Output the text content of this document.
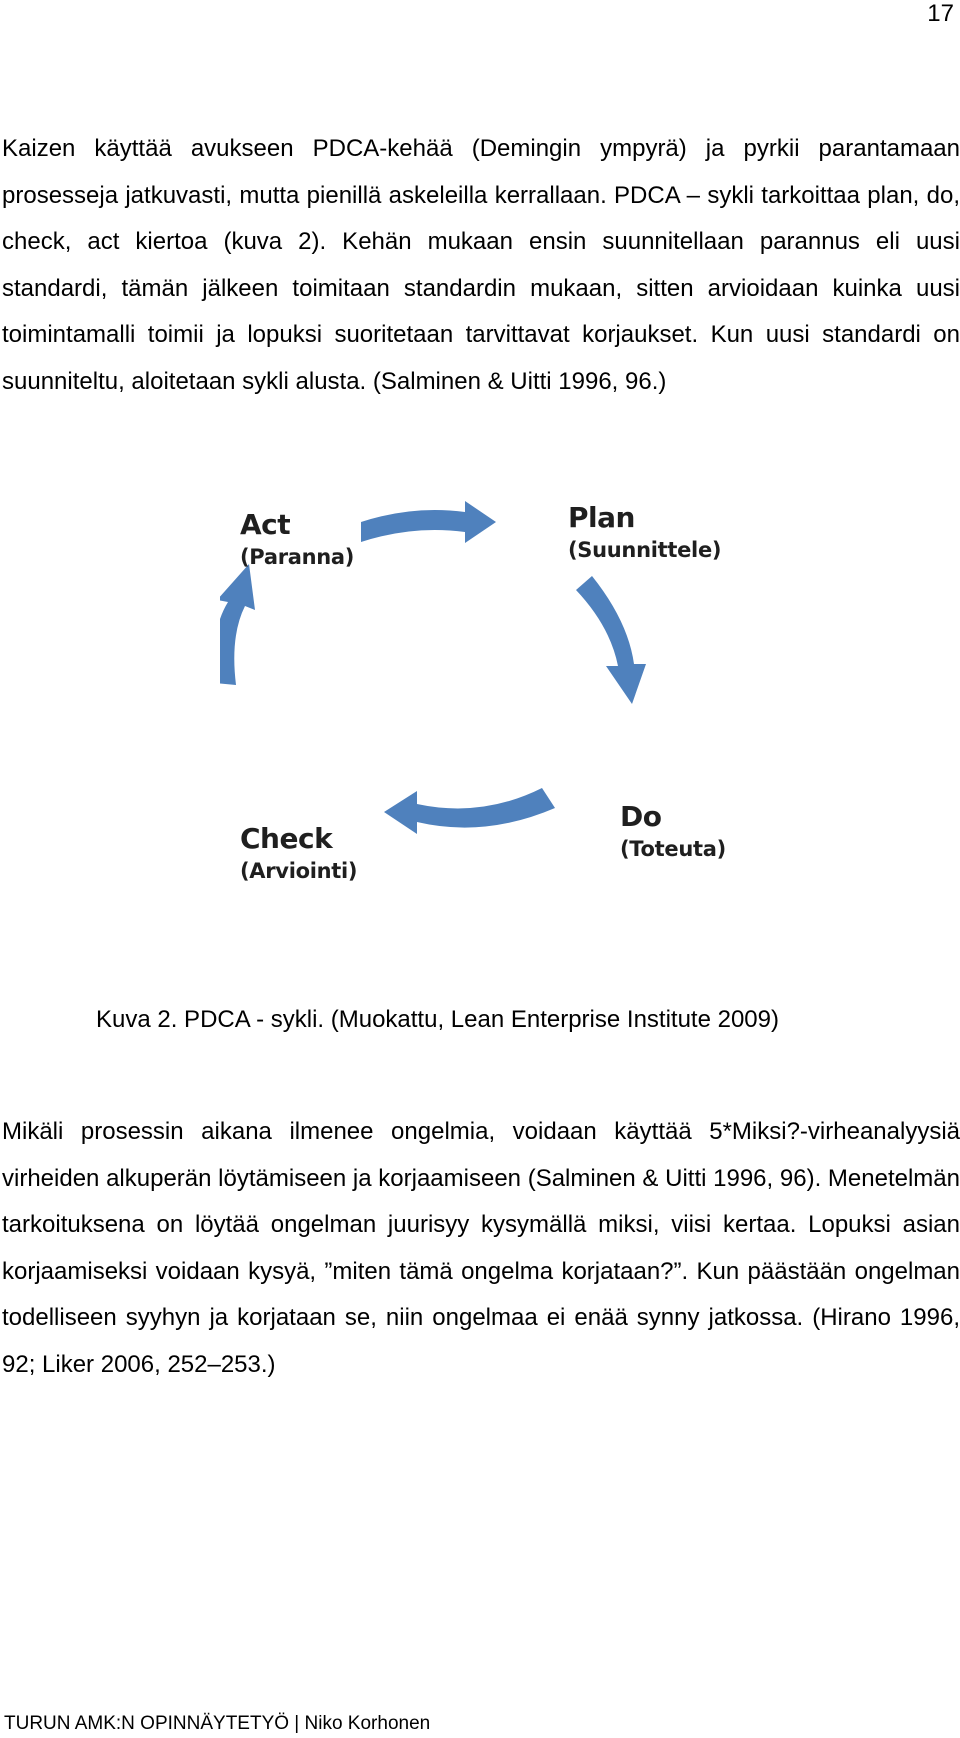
17

Kaizen käyttää avukseen PDCA-kehää (Demingin ympyrä) ja pyrkii parantamaan prosesseja jatkuvasti, mutta pienillä askeleilla kerrallaan. PDCA – sykli tarkoittaa plan, do, check, act kiertoa (kuva 2). Kehän mukaan ensin suunnitellaan parannus eli uusi standardi, tämän jälkeen toimitaan standardin mukaan, sitten arvioidaan kuinka uusi toimintamalli toimii ja lopuksi suoritetaan tarvittavat korjaukset. Kun uusi standardi on suunniteltu, aloitetaan sykli alusta. (Salminen & Uitti 1996, 96.)

Act
(Paranna)
Plan
(Suunnittele)
Do
(Toteuta)
Check
(Arviointi)
Kuva 2. PDCA - sykli. (Muokattu, Lean Enterprise Institute 2009)

Mikäli prosessin aikana ilmenee ongelmia, voidaan käyttää 5*Miksi?-virheanalyysiä virheiden alkuperän löytämiseen ja korjaamiseen (Salminen & Uitti 1996, 96). Menetelmän tarkoituksena on löytää ongelman juurisyy kysymällä miksi, viisi kertaa. Lopuksi asian korjaamiseksi voidaan kysyä, ”miten tämä ongelma korjataan?”. Kun päästään ongelman todelliseen syyhyn ja korjataan se, niin ongelmaa ei enää synny jatkossa. (Hirano 1996, 92; Liker 2006, 252–253.)

TURUN AMK:N OPINNÄYTETYÖ | Niko Korhonen
